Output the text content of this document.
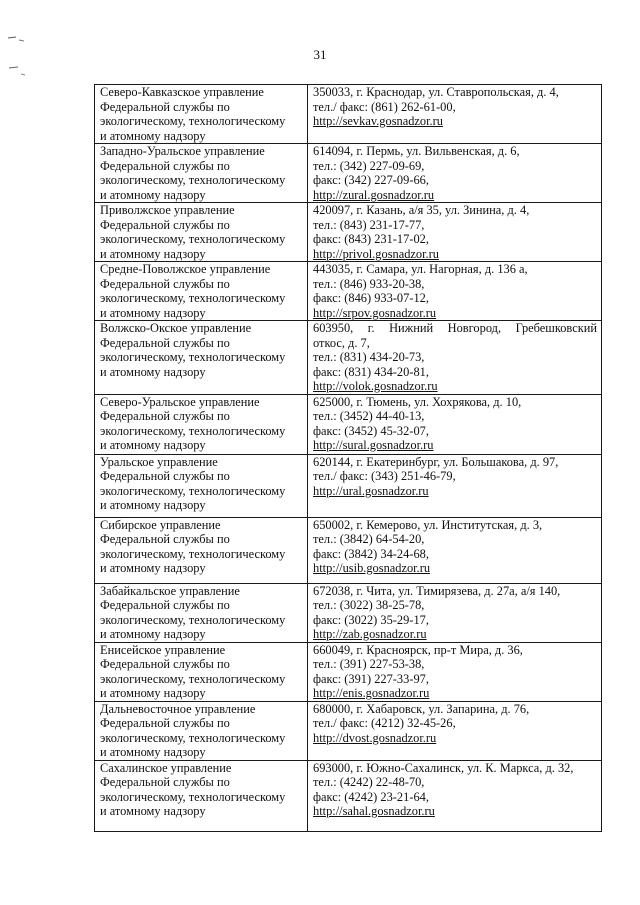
31
Северо-Кавказское управление
Федеральной службы по
экологическому, технологическому
и атомному надзору	350033, г. Краснодар, ул. Ставропольская, д. 4,
тел./ факс: (861) 262-61-00,
http://sevkav.gosnadzor.ru

Западно-Уральское управление
Федеральной службы по
экологическому, технологическому
и атомному надзору	614094, г. Пермь, ул. Вильвенская, д. 6,
тел.: (342) 227-09-69,
факс: (342) 227-09-66,
http://zural.gosnadzor.ru

Приволжское управление
Федеральной службы по
экологическому, технологическому
и атомному надзору	420097, г. Казань, а/я 35, ул. Зинина, д. 4,
тел.: (843) 231-17-77,
факс: (843) 231-17-02,
http://privol.gosnadzor.ru

Средне-Поволжское управление
Федеральной службы по
экологическому, технологическому
и атомному надзору	443035, г. Самара, ул. Нагорная, д. 136 а,
тел.: (846) 933-20-38,
факс: (846) 933-07-12,
http://srpov.gosnadzor.ru

Волжско-Окское управление
Федеральной службы по
экологическому, технологическому
и атомному надзору	603950, г. Нижний Новгород, Гребешковский
откос, д. 7,
тел.: (831) 434-20-73,
факс: (831) 434-20-81,
http://volok.gosnadzor.ru

Северо-Уральское управление
Федеральной службы по
экологическому, технологическому
и атомному надзору	625000, г. Тюмень, ул. Хохрякова, д. 10,
тел.: (3452) 44-40-13,
факс: (3452) 45-32-07,
http://sural.gosnadzor.ru

Уральское управление
Федеральной службы по
экологическому, технологическому
и атомному надзору	620144, г. Екатеринбург, ул. Большакова, д. 97,
тел./ факс: (343) 251-46-79,
http://ural.gosnadzor.ru

Сибирское управление
Федеральной службы по
экологическому, технологическому
и атомному надзору	650002, г. Кемерово, ул. Институтская, д. 3,
тел.: (3842) 64-54-20,
факс: (3842) 34-24-68,
http://usib.gosnadzor.ru

Забайкальское управление
Федеральной службы по
экологическому, технологическому
и атомному надзору	672038, г. Чита, ул. Тимирязева, д. 27а, а/я 140,
тел.: (3022) 38-25-78,
факс: (3022) 35-29-17,
http://zab.gosnadzor.ru

Енисейское управление
Федеральной службы по
экологическому, технологическому
и атомному надзору	660049, г. Красноярск, пр-т Мира, д. 36,
тел.: (391) 227-53-38,
факс: (391) 227-33-97,
http://enis.gosnadzor.ru

Дальневосточное управление
Федеральной службы по
экологическому, технологическому
и атомному надзору	680000, г. Хабаровск, ул. Запарина, д. 76,
тел./ факс: (4212) 32-45-26,
http://dvost.gosnadzor.ru

Сахалинское управление
Федеральной службы по
экологическому, технологическому
и атомному надзору	693000, г. Южно-Сахалинск, ул. К. Маркса, д. 32,
тел.: (4242) 22-48-70,
факс: (4242) 23-21-64,
http://sahal.gosnadzor.ru
